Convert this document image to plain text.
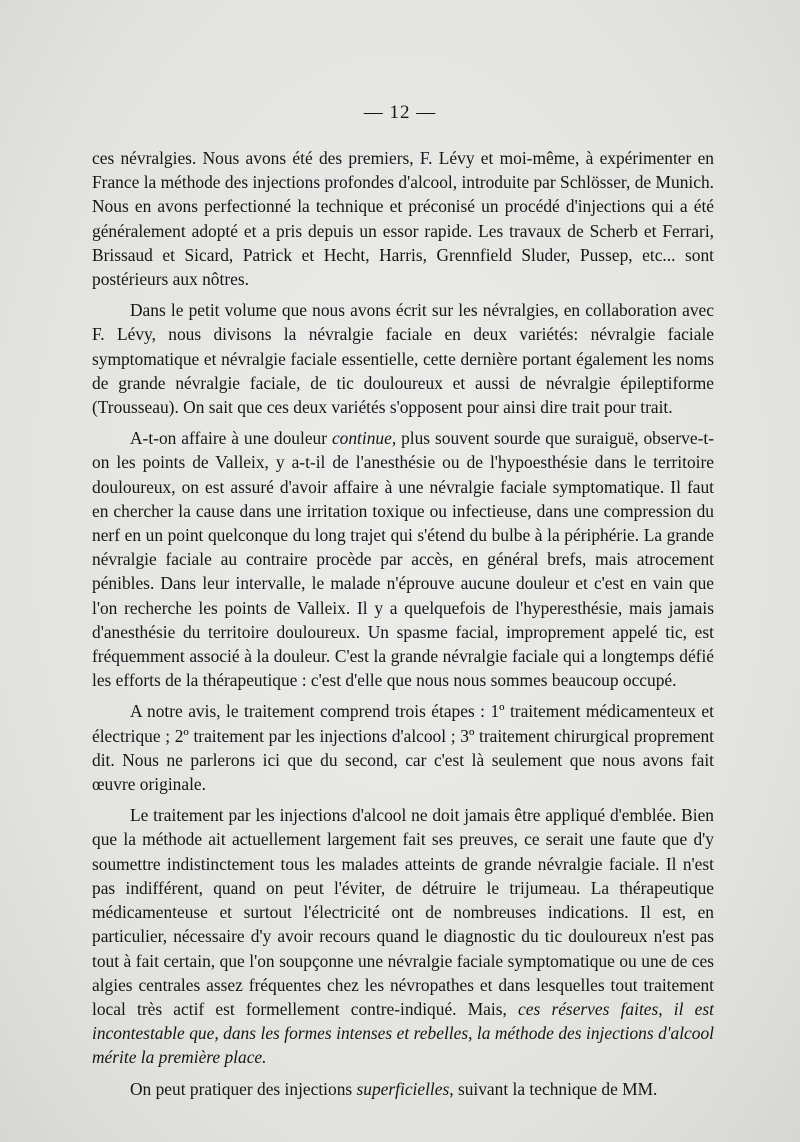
— 12 —

ces névralgies. Nous avons été des premiers, F. Lévy et moi-même, à expérimenter en France la méthode des injections profondes d'alcool, introduite par Schlösser, de Munich. Nous en avons perfectionné la technique et préconisé un procédé d'injections qui a été généralement adopté et a pris depuis un essor rapide. Les travaux de Scherb et Ferrari, Brissaud et Sicard, Patrick et Hecht, Harris, Grennfield Sluder, Pussep, etc... sont postérieurs aux nôtres.

Dans le petit volume que nous avons écrit sur les névralgies, en collaboration avec F. Lévy, nous divisons la névralgie faciale en deux variétés: névralgie faciale symptomatique et névralgie faciale essentielle, cette dernière portant également les noms de grande névralgie faciale, de tic douloureux et aussi de névralgie épileptiforme (Trousseau). On sait que ces deux variétés s'opposent pour ainsi dire trait pour trait.

A-t-on affaire à une douleur continue, plus souvent sourde que suraiguë, observe-t-on les points de Valleix, y a-t-il de l'anesthésie ou de l'hypoesthésie dans le territoire douloureux, on est assuré d'avoir affaire à une névralgie faciale symptomatique. Il faut en chercher la cause dans une irritation toxique ou infectieuse, dans une compression du nerf en un point quelconque du long trajet qui s'étend du bulbe à la périphérie. La grande névralgie faciale au contraire procède par accès, en général brefs, mais atrocement pénibles. Dans leur intervalle, le malade n'éprouve aucune douleur et c'est en vain que l'on recherche les points de Valleix. Il y a quelquefois de l'hyperesthésie, mais jamais d'anesthésie du territoire douloureux. Un spasme facial, improprement appelé tic, est fréquemment associé à la douleur. C'est la grande névralgie faciale qui a longtemps défié les efforts de la thérapeutique : c'est d'elle que nous nous sommes beaucoup occupé.

A notre avis, le traitement comprend trois étapes : 1º traitement médicamenteux et électrique ; 2º traitement par les injections d'alcool ; 3º traitement chirurgical proprement dit. Nous ne parlerons ici que du second, car c'est là seulement que nous avons fait œuvre originale.

Le traitement par les injections d'alcool ne doit jamais être appliqué d'emblée. Bien que la méthode ait actuellement largement fait ses preuves, ce serait une faute que d'y soumettre indistinctement tous les malades atteints de grande névralgie faciale. Il n'est pas indifférent, quand on peut l'éviter, de détruire le trijumeau. La thérapeutique médicamenteuse et surtout l'électricité ont de nombreuses indications. Il est, en particulier, nécessaire d'y avoir recours quand le diagnostic du tic douloureux n'est pas tout à fait certain, que l'on soupçonne une névralgie faciale symptomatique ou une de ces algies centrales assez fréquentes chez les névropathes et dans lesquelles tout traitement local très actif est formellement contre-indiqué. Mais, ces réserves faites, il est incontestable que, dans les formes intenses et rebelles, la méthode des injections d'alcool mérite la première place.

On peut pratiquer des injections superficielles, suivant la technique de MM.
